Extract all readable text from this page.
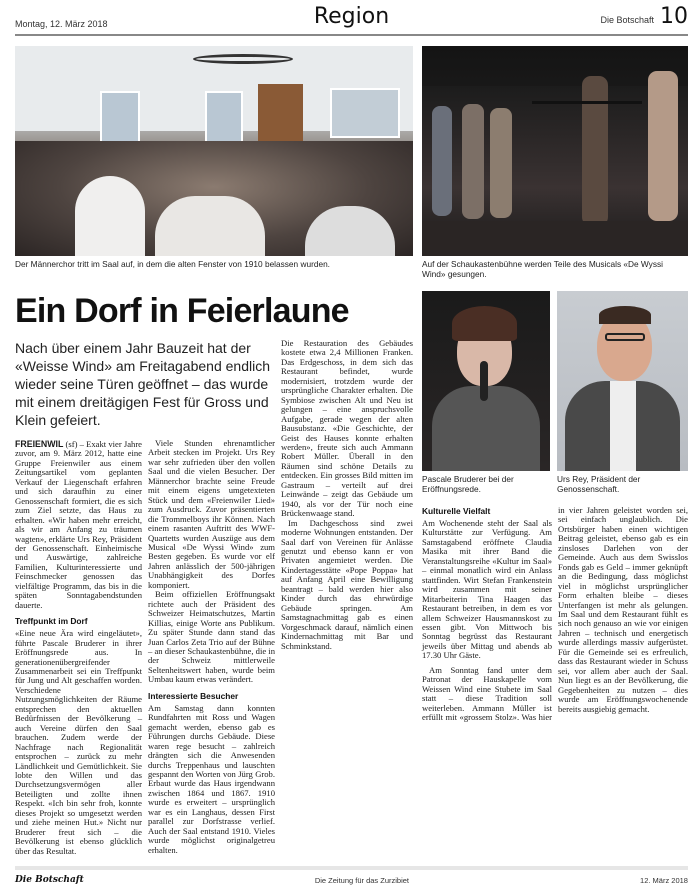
Montag, 12. März 2018	Region	Die Botschaft 10
Der Männerchor tritt im Saal auf, in dem die alten Fenster von 1910 belassen wurden.	Auf der Schaukastenbühne werden Teile des Musicals «De Wyssi Wind» gesungen.
Ein Dorf in Feierlaune
Nach über einem Jahr Bauzeit hat der «Weisse Wind» am Freitagabend endlich wieder seine Türen geöffnet – das wurde mit einem dreitägigen Fest für Gross und Klein gefeiert.

FREIENWIL (sf) – Exakt vier Jahre zuvor, am 9. März 2012, hatte eine Gruppe Freienwiler aus einem Zeitungsartikel vom geplanten Verkauf der Liegenschaft erfahren und sich daraufhin zu einer Genossenschaft formiert, die es sich zum Ziel setzte, das Haus zu erhalten. «Wir haben mehr erreicht, als wir am Anfang zu träumen wagten», erklärte Urs Rey, Präsident der Genossenschaft. Einheimische und Auswärtige, zahlreiche Familien, Kulturinteressierte und Feinschmecker genossen das vielfältige Programm, das bis in die späten Sonntagabendstunden dauerte.

Treffpunkt im Dorf

«Eine neue Ära wird eingeläutet», führte Pascale Bruderer in ihrer Eröffnungsrede aus. In generationenübergreifender Zusammenarbeit sei ein Treffpunkt für Jung und Alt geschaffen worden. Verschiedene Nutzungsmöglichkeiten der Räume entsprechen den aktuellen Bedürfnissen der Bevölkerung – auch Vereine dürfen den Saal brauchen. Zudem werde der Nachfrage nach Regionalität entsprochen – zurück zu mehr Ländlichkeit und Gemütlichkeit. Sie lobte den Willen und das Durchsetzungsvermögen aller Beteiligten und zollte ihnen Respekt. «Ich bin sehr froh, konnte dieses Projekt so umgesetzt werden und ziehe meinen Hut.» Nicht nur Bruderer freut sich – die Bevölkerung ist ebenso glücklich über das Resultat.

Viele Stunden ehrenamtlicher Arbeit stecken im Projekt. Urs Rey war sehr zufrieden über den vollen Saal und die vielen Besucher. Der Männerchor brachte seine Freude mit einem eigens umgetexteten Stück und dem «Freienwiler Lied» zum Ausdruck. Zuvor präsentierten die Trommelboys ihr Können. Nach einem rasanten Auftritt des WWF-Quartetts wurden Auszüge aus dem Musical «De Wyssi Wind» zum Besten gegeben. Es wurde vor elf Jahren anlässlich der 500-jährigen Unabhängigkeit des Dorfes komponiert.

Beim offiziellen Eröffnungsakt richtete auch der Präsident des Schweizer Heimatschutzes, Martin Killias, einige Worte ans Publikum. Zu später Stunde dann stand das Juan Carlos Zeta Trio auf der Bühne – an dieser Schaukastenbühne, die in der Schweiz mittlerweile Seltenheitswert haben, wurde beim Umbau kaum etwas verändert.

Interessierte Besucher

Am Samstag dann konnten Rundfahrten mit Ross und Wagen gemacht werden, ebenso gab es Führungen durchs Gebäude. Diese waren rege besucht – zahlreich drängten sich die Anwesenden durchs Treppenhaus und lauschten gespannt den Worten von Jürg Grob. Erbaut wurde das Haus irgendwann zwischen 1864 und 1867. 1910 wurde es erweitert – ursprünglich war es ein Langhaus, dessen First parallel zur Dorfstrasse verlief. Auch der Saal entstand 1910. Vieles wurde möglichst originalgetreu erhalten.

Die Restauration des Gebäudes kostete etwa 2,4 Millionen Franken. Das Erdgeschoss, in dem sich das Restaurant befindet, wurde modernisiert, trotzdem wurde der ursprüngliche Charakter erhalten. Die Symbiose zwischen Alt und Neu ist gelungen – eine anspruchsvolle Aufgabe, gerade wegen der alten Bausubstanz. «Die Geschichte, der Geist des Hauses konnte erhalten werden», freute sich auch Ammann Robert Müller. Überall in den Räumen sind schöne Details zu entdecken. Ein grosses Bild mitten im Gastraum – verteilt auf drei Leinwände – zeigt das Gebäude um 1940, als vor der Tür noch eine Brückenwaage stand.

Im Dachgeschoss sind zwei moderne Wohnungen entstanden. Der Saal darf von Vereinen für Anlässe genutzt und ebenso kann er von Privaten angemietet werden. Die Kindertagesstätte «Pope Poppa» hat auf Anfang April eine Bewilligung beantragt – bald werden hier also Kinder durch das ehrwürdige Gebäude springen. Am Samstagnachmittag gab es einen Vorgeschmack darauf, nämlich einen Kindernachmittag mit Bar und Schminkstand.

Pascale Bruderer bei der Eröffnungsrede.
Urs Rey, Präsident der Genossenschaft.
Kulturelle Vielfalt

Am Wochenende steht der Saal als Kulturstätte zur Verfügung. Am Samstagabend eröffnete Claudia Masika mit ihrer Band die Veranstaltungsreihe «Kultur im Saal» – einmal monatlich wird ein Anlass stattfinden. Wirt Stefan Frankenstein wird zusammen mit seiner Mitarbeiterin Tina Haagen das Restaurant betreiben, in dem es vor allem Schweizer Hausmannskost zu essen gibt. Von Mittwoch bis Sonntag begrüsst das Restaurant jeweils über Mittag und abends ab 17.30 Uhr Gäste.

Am Sonntag fand unter dem Patronat der Hauskapelle vom Weissen Wind eine Stubete im Saal statt – diese Tradition soll weiterleben. Ammann Müller ist erfüllt mit «grossem Stolz». Was hier in vier Jahren geleistet worden sei, sei einfach unglaublich. Die Ortsbürger haben einen wichtigen Beitrag geleistet, ebenso gab es ein zinsloses Darlehen von der Gemeinde. Auch aus dem Swisslos Fonds gab es Geld – immer geknüpft an die Bedingung, dass möglichst viel in möglichst ursprünglicher Form erhalten bleibe – dieses Unterfangen ist mehr als gelungen. Im Saal und dem Restaurant fühlt es sich noch genauso an wie vor einigen Jahren – technisch und energetisch wurde allerdings massiv aufgerüstet. Für die Gemeinde sei es erfreulich, dass das Restaurant wieder in Schuss sei, vor allem aber auch der Saal. Nun liegt es an der Bevölkerung, die Gegebenheiten zu nutzen – dies wurde am Eröffnungswochenende bereits ausgiebig gemacht.

Die Botschaft	Die Zeitung für das Zurzibiet	12. März 2018
